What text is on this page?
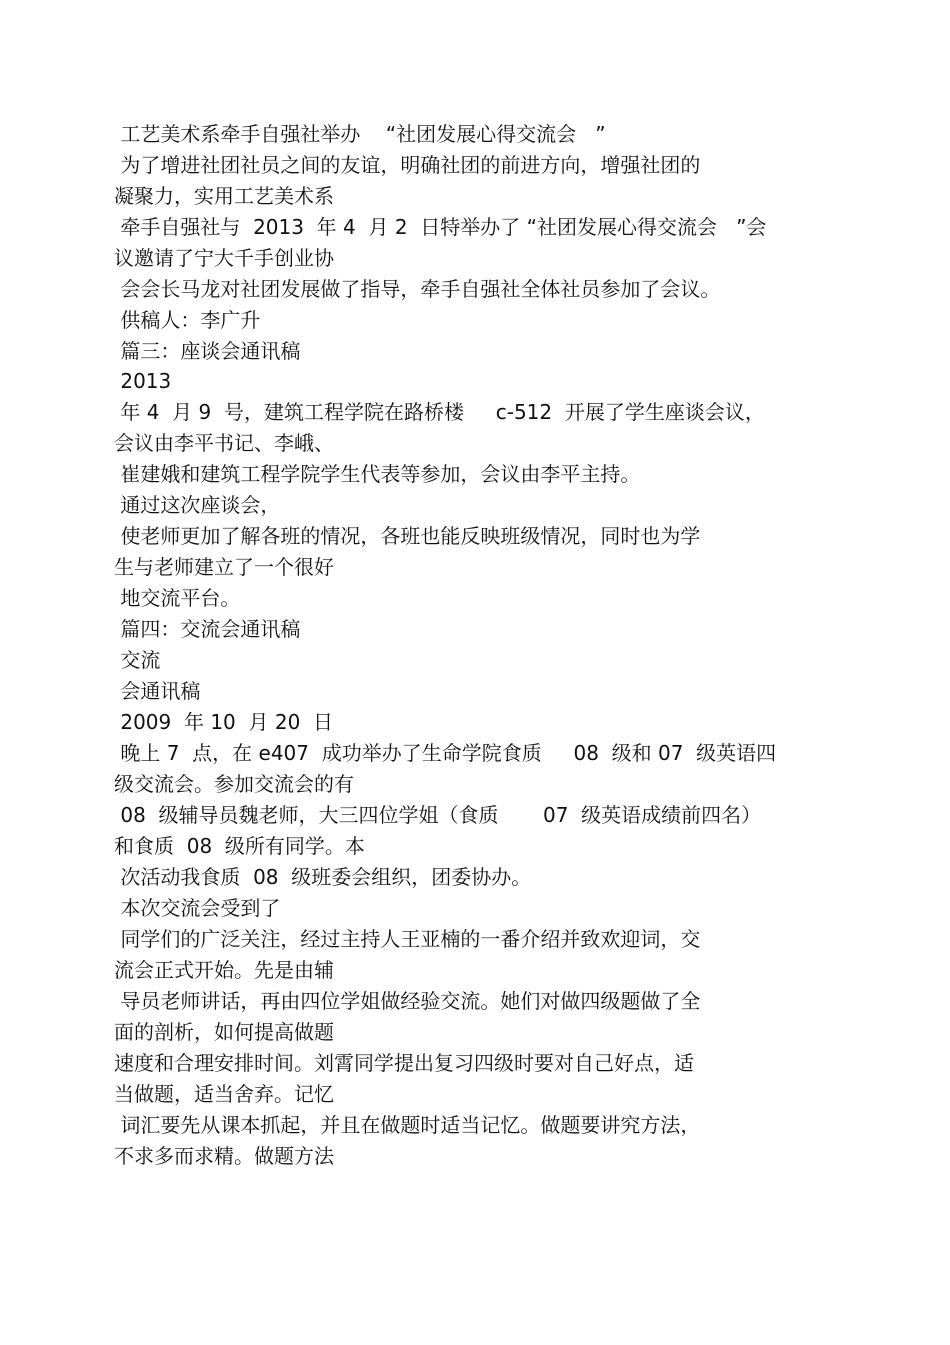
工艺美术系牵手自强社举办    “社团发展心得交流会   ”

为了增进社团社员之间的友谊，明确社团的前进方向，增强社团的

凝聚力，实用工艺美术系

牵手自强社与  2013  年 4  月 2  日特举办了 “社团发展心得交流会   ”会

议邀请了宁大千手创业协

会会长马龙对社团发展做了指导，牵手自强社全体社员参加了会议。

供稿人：李广升

篇三：座谈会通讯稿

2013

年 4  月 9  号，建筑工程学院在路桥楼     c-512  开展了学生座谈会议，

会议由李平书记、李峨、

崔建娥和建筑工程学院学生代表等参加，会议由李平主持。

通过这次座谈会，

使老师更加了解各班的情况，各班也能反映班级情况，同时也为学

生与老师建立了一个很好

地交流平台。

篇四：交流会通讯稿

交流

会通讯稿

2009  年 10  月 20  日

晚上 7  点，在 e407  成功举办了生命学院食质     08  级和 07  级英语四

级交流会。参加交流会的有

08  级辅导员魏老师，大三四位学姐（食质       07  级英语成绩前四名）

和食质  08  级所有同学。本

次活动我食质  08  级班委会组织，团委协办。

本次交流会受到了

同学们的广泛关注，经过主持人王亚楠的一番介绍并致欢迎词，交

流会正式开始。先是由辅

导员老师讲话，再由四位学姐做经验交流。她们对做四级题做了全

面的剖析，如何提高做题

速度和合理安排时间。刘霄同学提出复习四级时要对自己好点，适

当做题，适当舍弃。记忆

词汇要先从课本抓起，并且在做题时适当记忆。做题要讲究方法，

不求多而求精。做题方法
